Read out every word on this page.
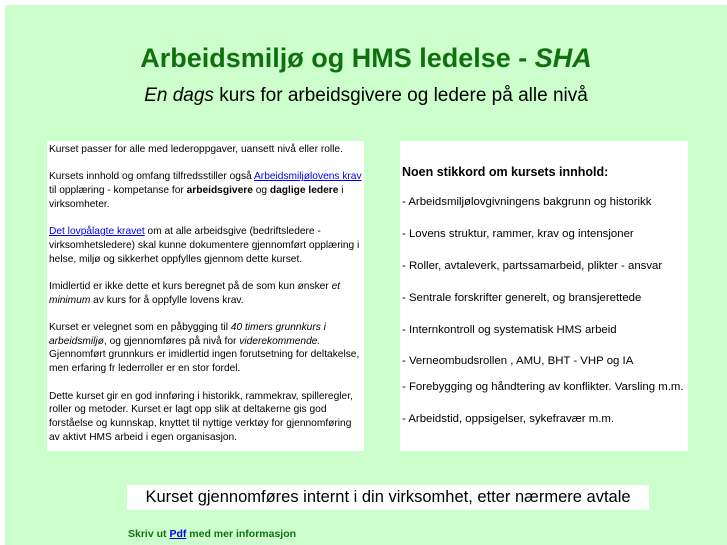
Arbeidsmiljø og HMS ledelse - SHA
En dags kurs for arbeidsgivere og ledere på alle nivå

Kurset passer for alle med lederoppgaver, uansett nivå eller rolle.

Kursets innhold og omfang tilfredsstiller også Arbeidsmiljølovens krav til opplæring - kompetanse for arbeidsgivere og daglige ledere i virksomheter.

Det lovpålagte kravet om at alle arbeidsgive (bedriftsledere - virksomhetsledere) skal kunne dokumentere gjennomført opplæring i helse, miljø og sikkerhet oppfylles gjennom dette kurset.

Imidlertid er ikke dette et kurs beregnet på de som kun ønsker et minimum av kurs for å oppfylle lovens krav.

Kurset er velegnet som en påbygging til 40 timers grunnkurs i arbeidsmiljø, og gjennomføres på nivå for viderekommende. Gjennomført grunnkurs er imidlertid ingen forutsetning for deltakelse, men erfaring fr lederroller er en stor fordel.

Dette kurset gir en god innføring i historikk, rammekrav, spilleregler, roller og metoder. Kurset er lagt opp slik at deltakerne gis god forståelse og kunnskap, knyttet til nyttige verktøy for gjennomføring av aktivt HMS arbeid i egen organisasjon.

Noen stikkord om kursets innhold:
- Arbeidsmiljølovgivningens bakgrunn og historikk
- Lovens struktur, rammer, krav og intensjoner
- Roller, avtaleverk, partssamarbeid, plikter - ansvar
- Sentrale forskrifter generelt, og bransjerettede
- Internkontroll og systematisk HMS arbeid
- Verneombudsrollen , AMU, BHT - VHP og IA
- Forebygging og håndtering av konflikter. Varsling m.m.
- Arbeidstid, oppsigelser, sykefravær m.m.
Kurset gjennomføres internt i din virksomhet, etter nærmere avtale
Skriv ut Pdf med mer informasjon
